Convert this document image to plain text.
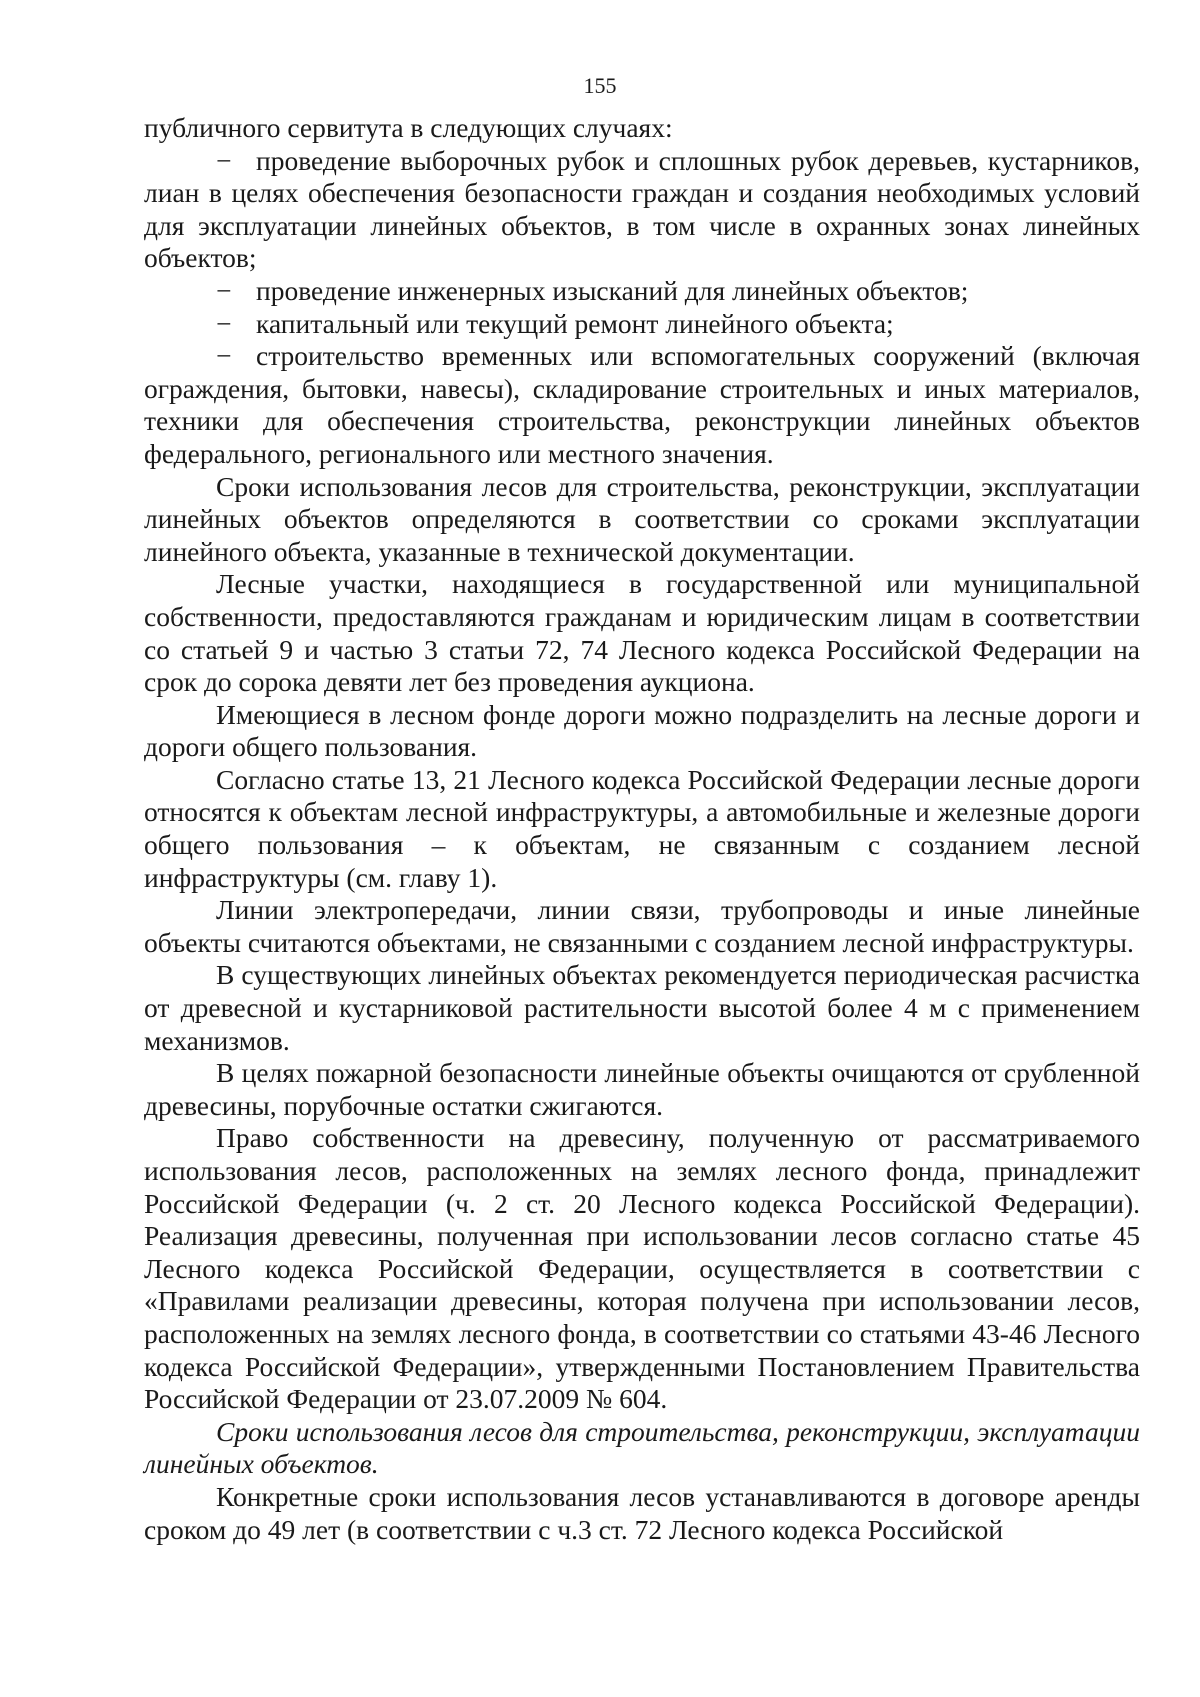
155

публичного сервитута в следующих случаях:

− проведение выборочных рубок и сплошных рубок деревьев, кустарников, лиан в целях обеспечения безопасности граждан и создания необходимых условий для эксплуатации линейных объектов, в том числе в охранных зонах линейных объектов;

− проведение инженерных изысканий для линейных объектов;

− капитальный или текущий ремонт линейного объекта;

− строительство временных или вспомогательных сооружений (включая ограждения, бытовки, навесы), складирование строительных и иных материалов, техники для обеспечения строительства, реконструкции линейных объектов федерального, регионального или местного значения.

Сроки использования лесов для строительства, реконструкции, эксплуатации линейных объектов определяются в соответствии со сроками эксплуатации линейного объекта, указанные в технической документации.

Лесные участки, находящиеся в государственной или муниципальной собственности, предоставляются гражданам и юридическим лицам в соответствии со статьей 9 и частью 3 статьи 72, 74 Лесного кодекса Российской Федерации на срок до сорока девяти лет без проведения аукциона.

Имеющиеся в лесном фонде дороги можно подразделить на лесные дороги и дороги общего пользования.

Согласно статье 13, 21 Лесного кодекса Российской Федерации лесные дороги относятся к объектам лесной инфраструктуры, а автомобильные и железные дороги общего пользования – к объектам, не связанным с созданием лесной инфраструктуры (см. главу 1).

Линии электропередачи, линии связи, трубопроводы и иные линейные объекты считаются объектами, не связанными с созданием лесной инфраструктуры.

В существующих линейных объектах рекомендуется периодическая расчистка от древесной и кустарниковой растительности высотой более 4 м с применением механизмов.

В целях пожарной безопасности линейные объекты очищаются от срубленной древесины, порубочные остатки сжигаются.

Право собственности на древесину, полученную от рассматриваемого использования лесов, расположенных на землях лесного фонда, принадлежит Российской Федерации (ч. 2 ст. 20 Лесного кодекса Российской Федерации). Реализация древесины, полученная при использовании лесов согласно статье 45 Лесного кодекса Российской Федерации, осуществляется в соответствии с «Правилами реализации древесины, которая получена при использовании лесов, расположенных на землях лесного фонда, в соответствии со статьями 43-46 Лесного кодекса Российской Федерации», утвержденными Постановлением Правительства Российской Федерации от 23.07.2009 № 604.

Сроки использования лесов для строительства, реконструкции, эксплуатации линейных объектов.

Конкретные сроки использования лесов устанавливаются в договоре аренды сроком до 49 лет (в соответствии с ч.3 ст. 72 Лесного кодекса Российской
